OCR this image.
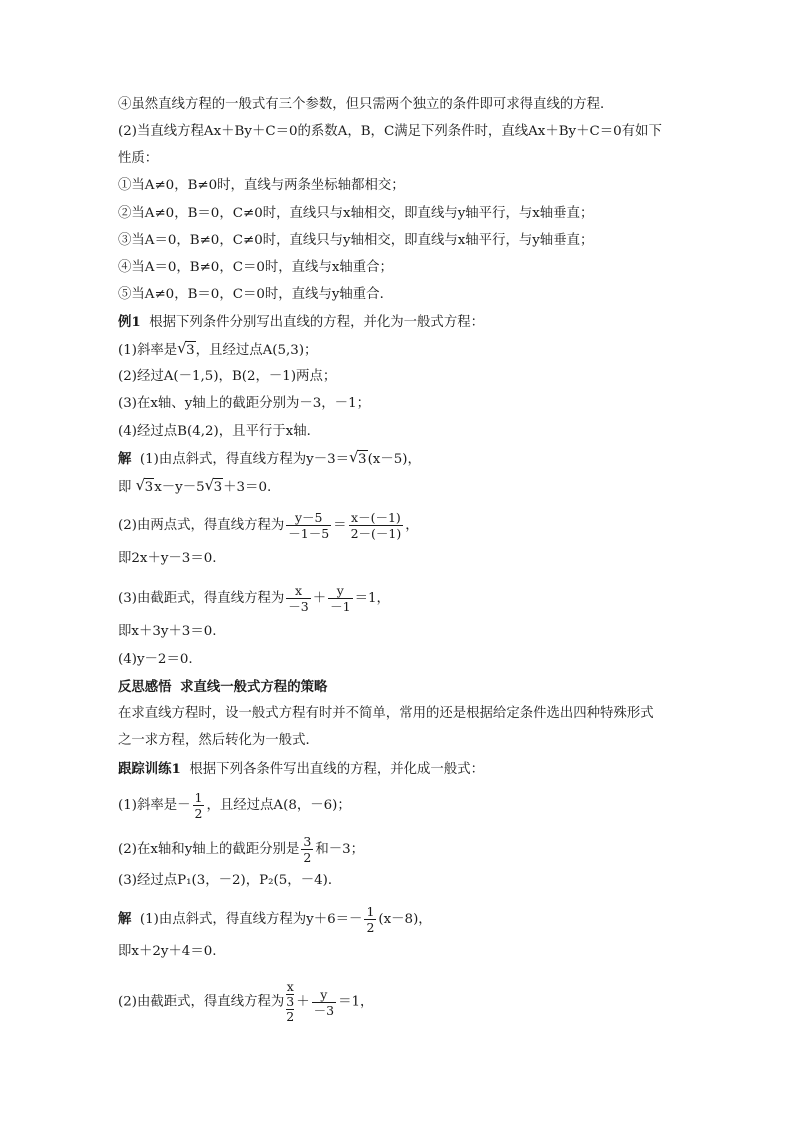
④虽然直线方程的一般式有三个参数，但只需两个独立的条件即可求得直线的方程．
(2)当直线方程Ax＋By＋C＝0的系数A，B，C满足下列条件时，直线Ax＋By＋C＝0有如下
性质：
①当A≠0，B≠0时，直线与两条坐标轴都相交；
②当A≠0，B＝0，C≠0时，直线只与x轴相交，即直线与y轴平行，与x轴垂直；
③当A＝0，B≠0，C≠0时，直线只与y轴相交，即直线与x轴平行，与y轴垂直；
④当A＝0，B≠0，C＝0时，直线与x轴重合；
⑤当A≠0，B＝0，C＝0时，直线与y轴重合．
例1 根据下列条件分别写出直线的方程，并化为一般式方程：
(1)斜率是 √ 3，且经过点A(5,3)；
(2)经过A(－1,5)，B(2，－1)两点；
(3)在x轴、y轴上的截距分别为－3，－1；
(4)经过点B(4,2)，且平行于x轴．
解 (1)由点斜式，得直线方程为y－3＝ √ 3(x－5)，
即 √ 3x－y－5 √ 3＋3＝0.
(2)由两点式，得直线方程为 $\frac{y-5}{-1-5} = \frac{x-(-1)}{2-(-1)}$ ，
即2x＋y－3＝0.
(3)由截距式，得直线方程为 $\frac{x}{-3} + \frac{y}{-1} =1$，
即x＋3y＋3＝0.
(4)y－2＝0.
反思感悟 求直线一般式方程的策略
在求直线方程时，设一般式方程有时并不简单，常用的还是根据给定条件选出四种特殊形式
之一求方程，然后转化为一般式．
跟踪训练1 根据下列各条件写出直线的方程，并化成一般式：
(1)斜率是－ $\frac{1}{2}$ ，且经过点A(8，－6)；
(2)在x轴和y轴上的截距分别是 $\frac{3}{2}$ 和－3；
(3)经过点P₁(3，－2)，P₂(5，－4)．
解 (1)由点斜式，得直线方程为$y+6=- \frac{1}{2} (x-8)$，
即x＋2y＋4＝0.
(2)由截距式，得直线方程为 $\frac{x}{\frac{3}{2}} + \frac{y}{-3} =1$，
